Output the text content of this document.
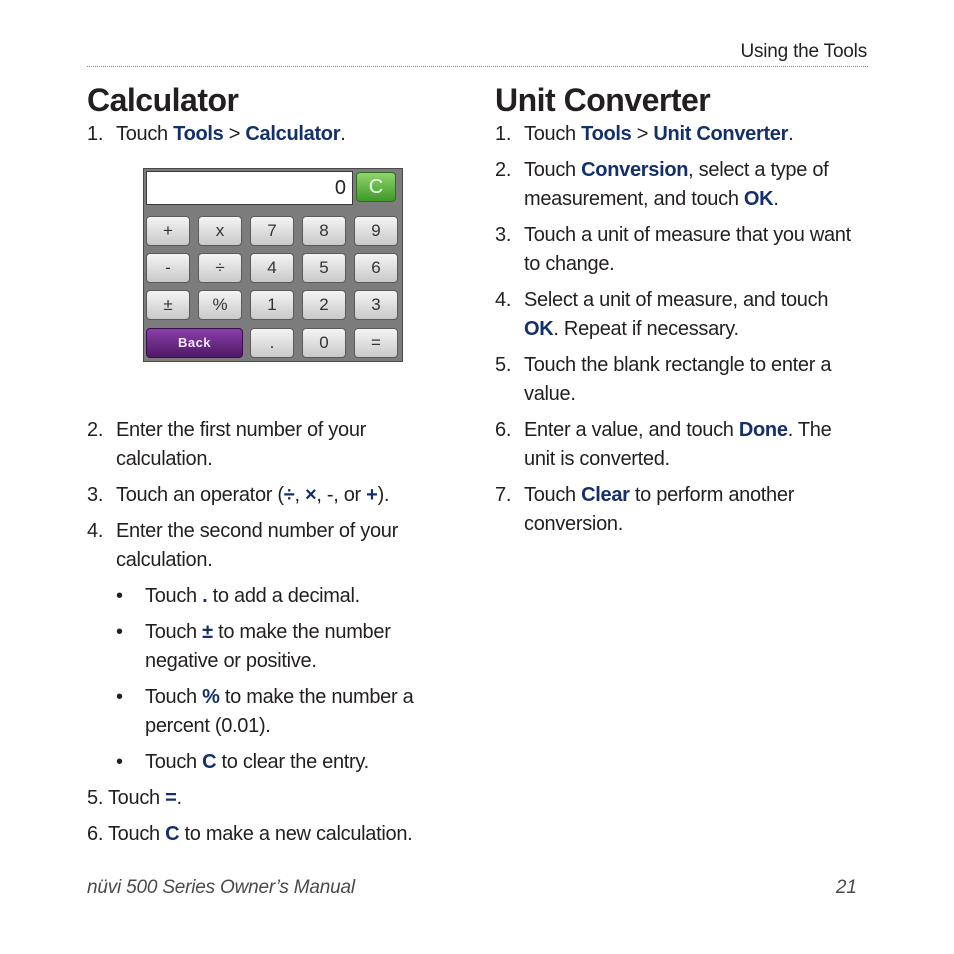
Using the Tools
Calculator
1. Touch Tools > Calculator.
2. Enter the first number of your calculation.
3. Touch an operator (÷, ×, -, or +).
4. Enter the second number of your calculation.
• Touch . to add a decimal.
• Touch ± to make the number negative or positive.
• Touch % to make the number a percent (0.01).
• Touch C to clear the entry.
5. Touch =.
6. Touch C to make a new calculation.
0	C
+	x	7	8	9
-	÷	4	5	6
±	%	1	2	3
Back	.	0	=
Unit Converter
1. Touch Tools > Unit Converter.
2. Touch Conversion, select a type of measurement, and touch OK.
3. Touch a unit of measure that you want to change.
4. Select a unit of measure, and touch OK. Repeat if necessary.
5. Touch the blank rectangle to enter a value.
6. Enter a value, and touch Done. The unit is converted.
7. Touch Clear to perform another conversion.
nüvi 500 Series Owner’s Manual	21
